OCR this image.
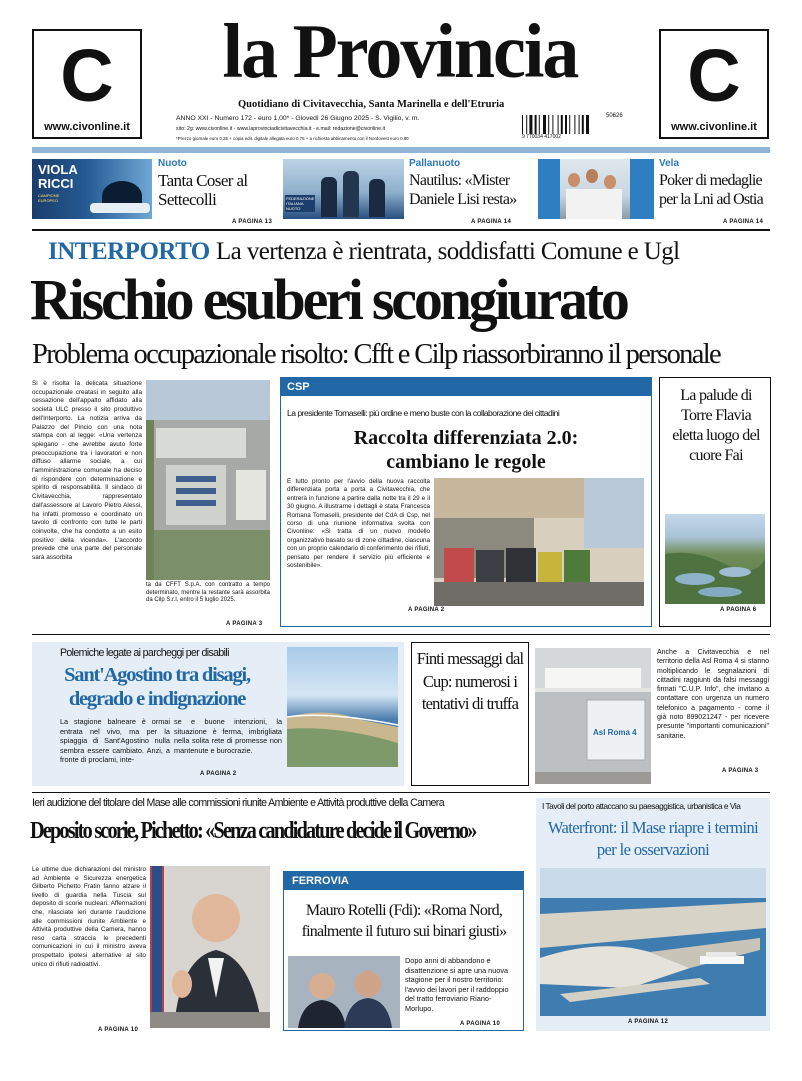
C
www.civonline.it
C
www.civonline.it
la Provincia
Quotidiano di Civitavecchia, Santa Marinella e dell'Etruria
ANNO XXI - Numero 172 - euro 1,00* - Giovedì 26 Giugno 2025 - S. Vigilio, v. m.
sito: 2g: www.civonline.it - www.laprovinciadicivitavecchia.it - e.mail: redazione@civonline.it
*Prezzo giornale euro 0,25 + copia edit. digitale allegata euro 0,75 + a richiesta abbinamento con il Nordovest euro 0,80	9 770034 417002
50626
VIOLA
RICCI
CAMPIONE EUROPEO
Nuoto
Tanta Coser al Settecolli
A PAGINA 13
FEDERAZIONE ITALIANA NUOTO
Pallanuoto
Nautilus: «Mister Daniele Lisi resta»
A PAGINA 14
Vela
Poker di medaglie per la Lni ad Ostia
A PAGINA 14
INTERPORTO La vertenza è rientrata, soddisfatti Comune e Ugl
Rischio esuberi scongiurato
Problema occupazionale risolto: Cfft e Cilp riassorbiranno il personale
Si è risolta la delicata situazione occupazionale creatasi in seguito alla cessazione dell'appalto affidato alla società ULC presso il sito produttivo dell'Interporto. La notizia arriva da Palazzo del Pincio con una nota stampa con al legge: «Una vertenza spiegano - che avrebbe avuto forte preoccupazione tra i lavoratori e non diffuso allarme sociale, a cui l'amministrazione comunale ha deciso di rispondere con determinazione e spirito di responsabilità. Il sindaco di Civitavecchia, rappresentato dall'assessore al Lavoro Pietro Alessi, ha infatti promosso e coordinato un tavolo di confronto con tutte le parti coinvolte, che ha condotto a un esito positivo della vicenda». L'accordo prevede che una parte del personale sarà assorbita
ta da CFFT S.p.A. con contratto a tempo determinato, mentre la restante sarà assorbita da Cilp S.r.l. entro il 5 luglio 2025.
A PAGINA 3
CSP
La presidente Tomaselli: più ordine e meno buste con la collaborazione dei cittadini
Raccolta differenziata 2.0:
cambiano le regole
È tutto pronto per l'avvio della nuova raccolta differenziata porta a porta a Civitavecchia, che entrerà in funzione a partire dalla notte tra il 29 e il 30 giugno. A illustrarne i dettagli è stata Francesca Romana Tomaselli, presidente del CdA di Csp, nel corso di una riunione informativa svolta con Civonline: «Si tratta di un nuovo modello organizzativo basato su di zone cittadine, ciascuna con un proprio calendario di conferimento dei rifiuti, pensato per rendere il servizio più efficiente e sostenibile».
A PAGINA 2
La palude di Torre Flavia eletta luogo del cuore Fai
A PAGINA 6
Polemiche legate ai parcheggi per disabili
Sant'Agostino tra disagi, degrado e indignazione
La stagione balneare è ormai entrata nel vivo, ma per la spiaggia di Sant'Agostino nulla sembra essere cambiato. Anzi, a fronte di proclami, inte-
se e buone intenzioni, la situazione è ferma, imbrigliata nella solita rete di promesse non mantenute e burocrazie.
A PAGINA 2
Finti messaggi dal Cup: numerosi i tentativi di truffa
Asl Roma 4
Anche a Civitavecchia e nel territorio della Asl Roma 4 si stanno moltiplicando le segnalazioni di cittadini raggiunti da falsi messaggi firmati "C.U.P. Info", che invitano a contattare con urgenza un numero telefonico a pagamento - come il già noto 899021247 - per ricevere presunte "importanti comunicazioni" sanitarie.
A PAGINA 3
Ieri audizione del titolare del Mase alle commissioni riunite Ambiente e Attività produttive della Camera
Deposito scorie, Pichetto: «Senza candidature decide il Governo»
Le ultime due dichiarazioni del ministro ad Ambiente e Sicurezza energetica Gilberto Pichetto Fratin fanno alzare il livello di guardia nella Tuscia sul deposito di scorie nucleari. Affermazioni che, rilasciate ieri durante l'audizione alle commissioni riunite Ambiente e Attività produttive della Camera, hanno reso carta straccia le precedenti comunicazioni in cui il ministro aveva prospettato ipotesi alternative al sito unico di rifiuti radioattivi.
A PAGINA 10
FERROVIA
Mauro Rotelli (Fdi): «Roma Nord, finalmente il futuro sui binari giusti»
Dopo anni di abbandono e disattenzione si apre una nuova stagione per il nostro territorio: l'avvio dei lavori per il raddoppio del tratto ferroviario Riano-Morlupo.
A PAGINA 10
I Tavoli del porto attaccano su paesaggistica, urbanistica e Via
Waterfront: il Mase riapre i termini per le osservazioni
A PAGINA 12
